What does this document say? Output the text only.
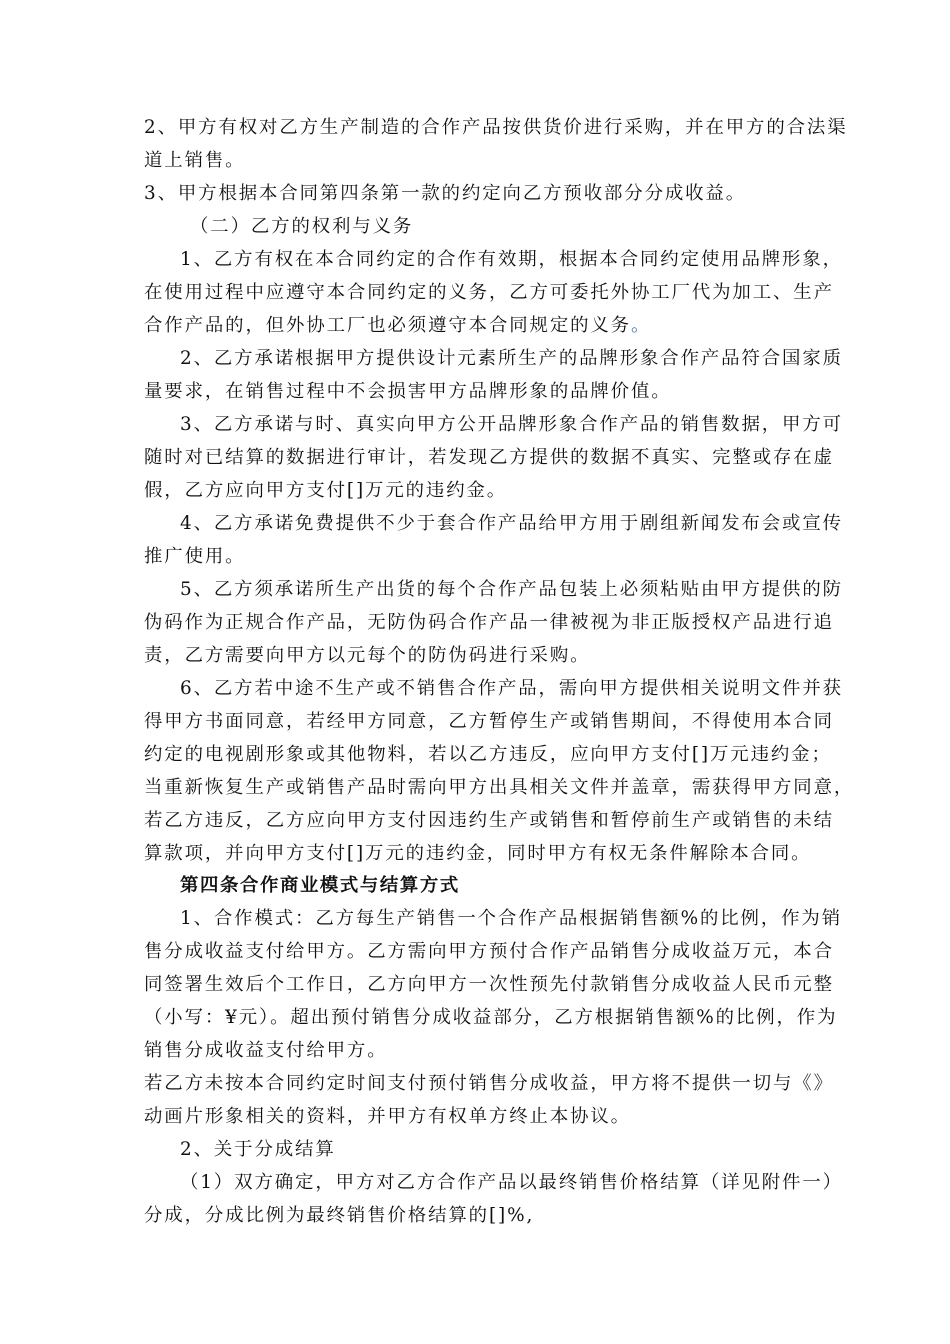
2、甲方有权对乙方生产制造的合作产品按供货价进行采购，并在甲方的合法渠
道上销售。
3、甲方根据本合同第四条第一款的约定向乙方预收部分分成收益。
（二）乙方的权利与义务
1、乙方有权在本合同约定的合作有效期，根据本合同约定使用品牌形象，
在使用过程中应遵守本合同约定的义务，乙方可委托外协工厂代为加工、生产
合作产品的，但外协工厂也必须遵守本合同规定的义务。
2、乙方承诺根据甲方提供设计元素所生产的品牌形象合作产品符合国家质
量要求，在销售过程中不会损害甲方品牌形象的品牌价值。
3、乙方承诺与时、真实向甲方公开品牌形象合作产品的销售数据，甲方可
随时对已结算的数据进行审计，若发现乙方提供的数据不真实、完整或存在虚
假，乙方应向甲方支付[]万元的违约金。
4、乙方承诺免费提供不少于套合作产品给甲方用于剧组新闻发布会或宣传
推广使用。
5、乙方须承诺所生产出货的每个合作产品包装上必须粘贴由甲方提供的防
伪码作为正规合作产品，无防伪码合作产品一律被视为非正版授权产品进行追
责，乙方需要向甲方以元每个的防伪码进行采购。
6、乙方若中途不生产或不销售合作产品，需向甲方提供相关说明文件并获
得甲方书面同意，若经甲方同意，乙方暂停生产或销售期间，不得使用本合同
约定的电视剧形象或其他物料，若以乙方违反，应向甲方支付[]万元违约金；
当重新恢复生产或销售产品时需向甲方出具相关文件并盖章，需获得甲方同意，
若乙方违反，乙方应向甲方支付因违约生产或销售和暂停前生产或销售的未结
算款项，并向甲方支付[]万元的违约金，同时甲方有权无条件解除本合同。
第四条合作商业模式与结算方式
1、合作模式：乙方每生产销售一个合作产品根据销售额%的比例，作为销
售分成收益支付给甲方。乙方需向甲方预付合作产品销售分成收益万元，本合
同签署生效后个工作日，乙方向甲方一次性预先付款销售分成收益人民币元整
（小写：¥元）。超出预付销售分成收益部分，乙方根据销售额%的比例，作为
销售分成收益支付给甲方。
若乙方未按本合同约定时间支付预付销售分成收益，甲方将不提供一切与《》
动画片形象相关的资料，并甲方有权单方终止本协议。
2、关于分成结算
（1）双方确定，甲方对乙方合作产品以最终销售价格结算（详见附件一）
分成，分成比例为最终销售价格结算的[]%,
